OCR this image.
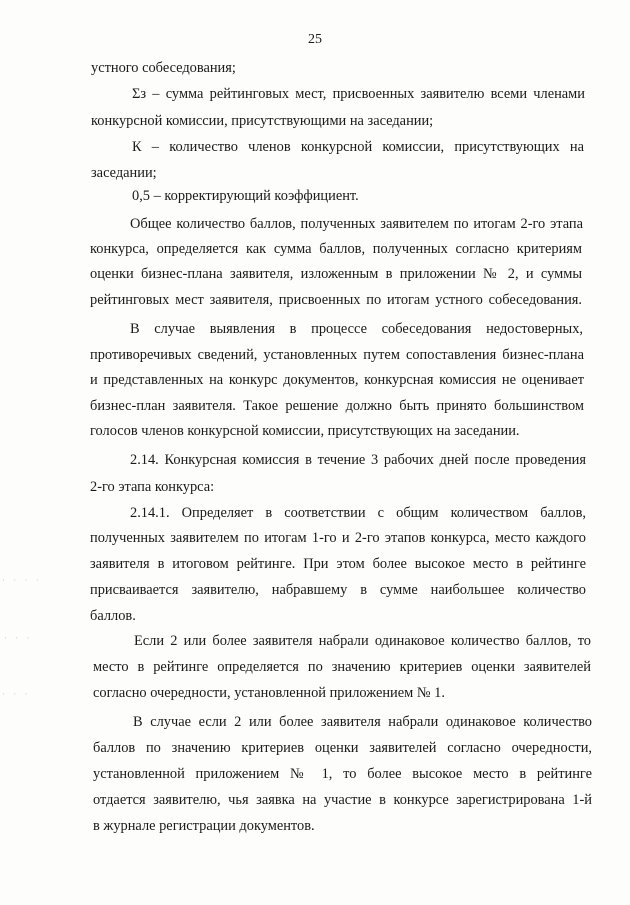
25
устного собеседования;
Σз – сумма рейтинговых мест, присвоенных заявителю всеми членами
конкурсной комиссии, присутствующими на заседании;
К – количество членов конкурсной комиссии, присутствующих на
заседании;
0,5 – корректирующий коэффициент.
Общее количество баллов, полученных заявителем по итогам 2-го этапа
конкурса, определяется как сумма баллов, полученных согласно критериям
оценки бизнес-плана заявителя, изложенным в приложении № 2, и суммы
рейтинговых мест заявителя, присвоенных по итогам устного собеседования.
В случае выявления в процессе собеседования недостоверных,
противоречивых сведений, установленных путем сопоставления бизнес-плана
и представленных на конкурс документов, конкурсная комиссия не оценивает
бизнес-план заявителя. Такое решение должно быть принято большинством
голосов членов конкурсной комиссии, присутствующих на заседании.
2.14. Конкурсная комиссия в течение 3 рабочих дней после проведения
2-го этапа конкурса:
2.14.1. Определяет в соответствии с общим количеством баллов,
полученных заявителем по итогам 1-го и 2-го этапов конкурса, место каждого
заявителя в итоговом рейтинге. При этом более высокое место в рейтинге
присваивается заявителю, набравшему в сумме наибольшее количество
баллов.
Если 2 или более заявителя набрали одинаковое количество баллов, то
место в рейтинге определяется по значению критериев оценки заявителей
согласно очередности, установленной приложением № 1.
В случае если 2 или более заявителя набрали одинаковое количество
баллов по значению критериев оценки заявителей согласно очередности,
установленной приложением № 1, то более высокое место в рейтинге
отдается заявителю, чья заявка на участие в конкурсе зарегистрирована 1-й
в журнале регистрации документов.
· · · ·
· · ·
· · ·
